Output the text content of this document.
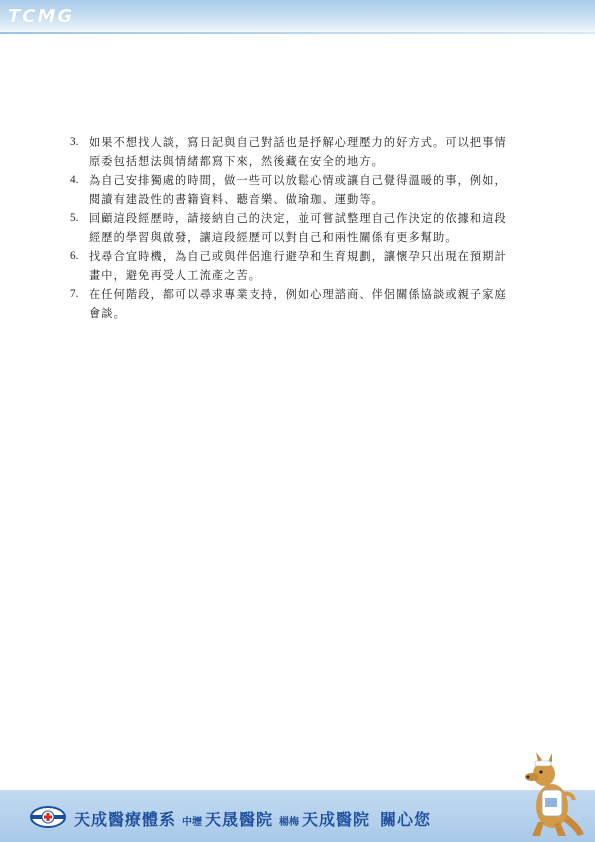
TCMG
3. 如果不想找人談，寫日記與自己對話也是抒解心理壓力的好方式。可以把事情原委包括想法與情緒都寫下來，然後藏在安全的地方。
4. 為自己安排獨處的時間，做一些可以放鬆心情或讓自己覺得溫暖的事，例如，閱讀有建設性的書籍資料、聽音樂、做瑜珈、運動等。
5. 回顧這段經歷時，請接納自己的決定，並可嘗試整理自己作決定的依據和這段經歷的學習與啟發，讓這段經歷可以對自己和兩性關係有更多幫助。
6. 找尋合宜時機，為自己或與伴侶進行避孕和生育規劃，讓懷孕只出現在預期計畫中，避免再受人工流產之苦。
7. 在任何階段，都可以尋求專業支持，例如心理諮商、伴侶關係協談或親子家庭會談。
天成醫療體系 中壢 天晟醫院 楊梅 天成醫院 關心您
